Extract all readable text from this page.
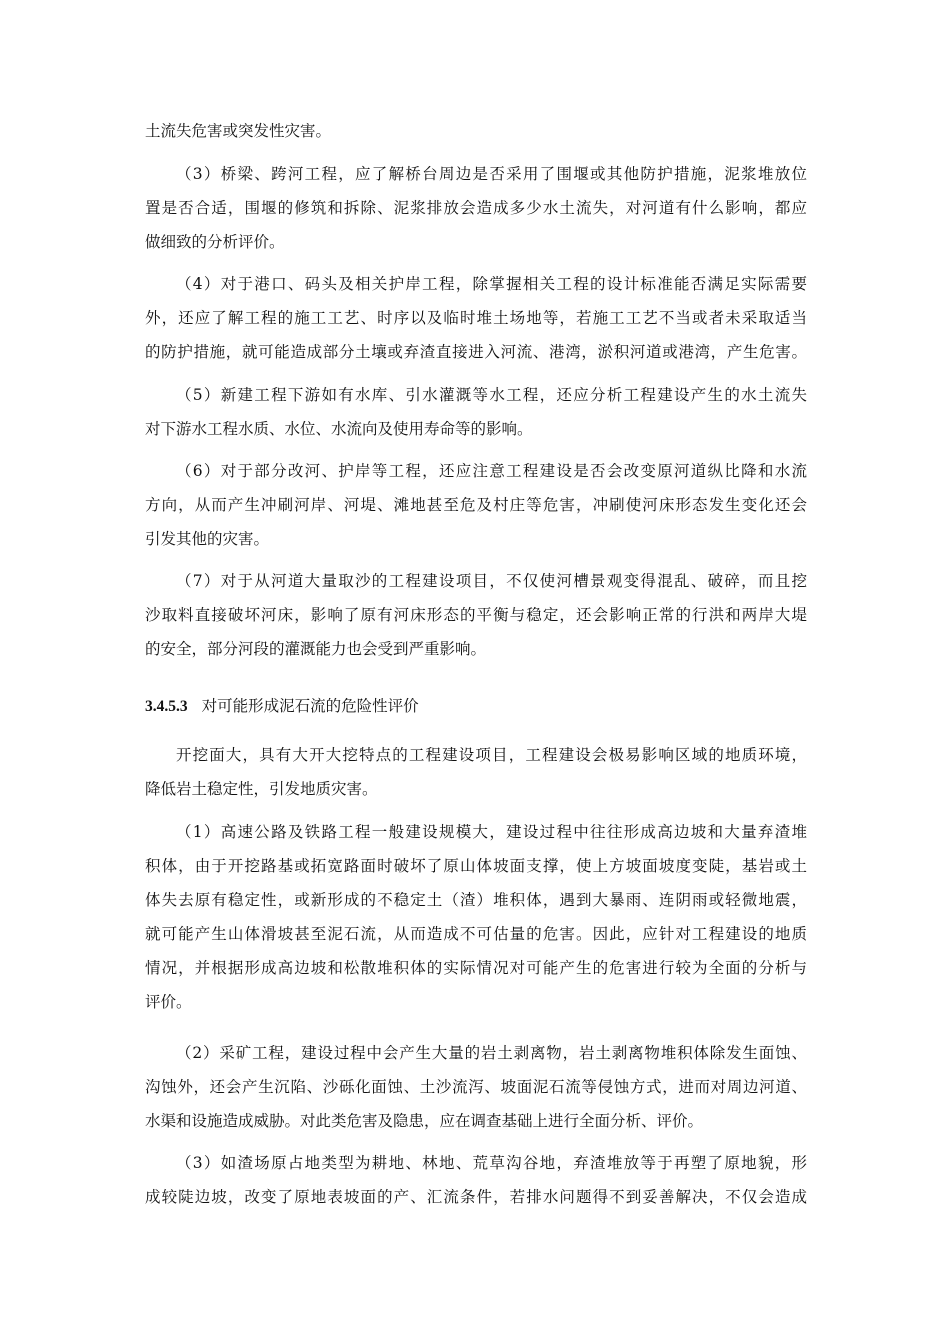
土流失危害或突发性灾害。
（3）桥梁、跨河工程，应了解桥台周边是否采用了围堰或其他防护措施，泥浆堆放位
置是否合适，围堰的修筑和拆除、泥浆排放会造成多少水土流失，对河道有什么影响，都应
做细致的分析评价。
（4）对于港口、码头及相关护岸工程，除掌握相关工程的设计标准能否满足实际需要
外，还应了解工程的施工工艺、时序以及临时堆土场地等，若施工工艺不当或者未采取适当
的防护措施，就可能造成部分土壤或弃渣直接进入河流、港湾，淤积河道或港湾，产生危害。
（5）新建工程下游如有水库、引水灌溉等水工程，还应分析工程建设产生的水土流失
对下游水工程水质、水位、水流向及使用寿命等的影响。
（6）对于部分改河、护岸等工程，还应注意工程建设是否会改变原河道纵比降和水流
方向，从而产生冲刷河岸、河堤、滩地甚至危及村庄等危害，冲刷使河床形态发生变化还会
引发其他的灾害。
（7）对于从河道大量取沙的工程建设项目，不仅使河槽景观变得混乱、破碎，而且挖
沙取料直接破坏河床，影响了原有河床形态的平衡与稳定，还会影响正常的行洪和两岸大堤
的安全，部分河段的灌溉能力也会受到严重影响。
3.4.5.3 对可能形成泥石流的危险性评价
开挖面大，具有大开大挖特点的工程建设项目，工程建设会极易影响区域的地质环境，
降低岩土稳定性，引发地质灾害。
（1）高速公路及铁路工程一般建设规模大，建设过程中往往形成高边坡和大量弃渣堆
积体，由于开挖路基或拓宽路面时破坏了原山体坡面支撑，使上方坡面坡度变陡，基岩或土
体失去原有稳定性，或新形成的不稳定土（渣）堆积体，遇到大暴雨、连阴雨或轻微地震，
就可能产生山体滑坡甚至泥石流，从而造成不可估量的危害。因此，应针对工程建设的地质
情况，并根据形成高边坡和松散堆积体的实际情况对可能产生的危害进行较为全面的分析与
评价。
（2）采矿工程，建设过程中会产生大量的岩土剥离物，岩土剥离物堆积体除发生面蚀、
沟蚀外，还会产生沉陷、沙砾化面蚀、土沙流泻、坡面泥石流等侵蚀方式，进而对周边河道、
水渠和设施造成威胁。对此类危害及隐患，应在调查基础上进行全面分析、评价。
（3）如渣场原占地类型为耕地、林地、荒草沟谷地，弃渣堆放等于再塑了原地貌，形
成较陡边坡，改变了原地表坡面的产、汇流条件，若排水问题得不到妥善解决，不仅会造成
